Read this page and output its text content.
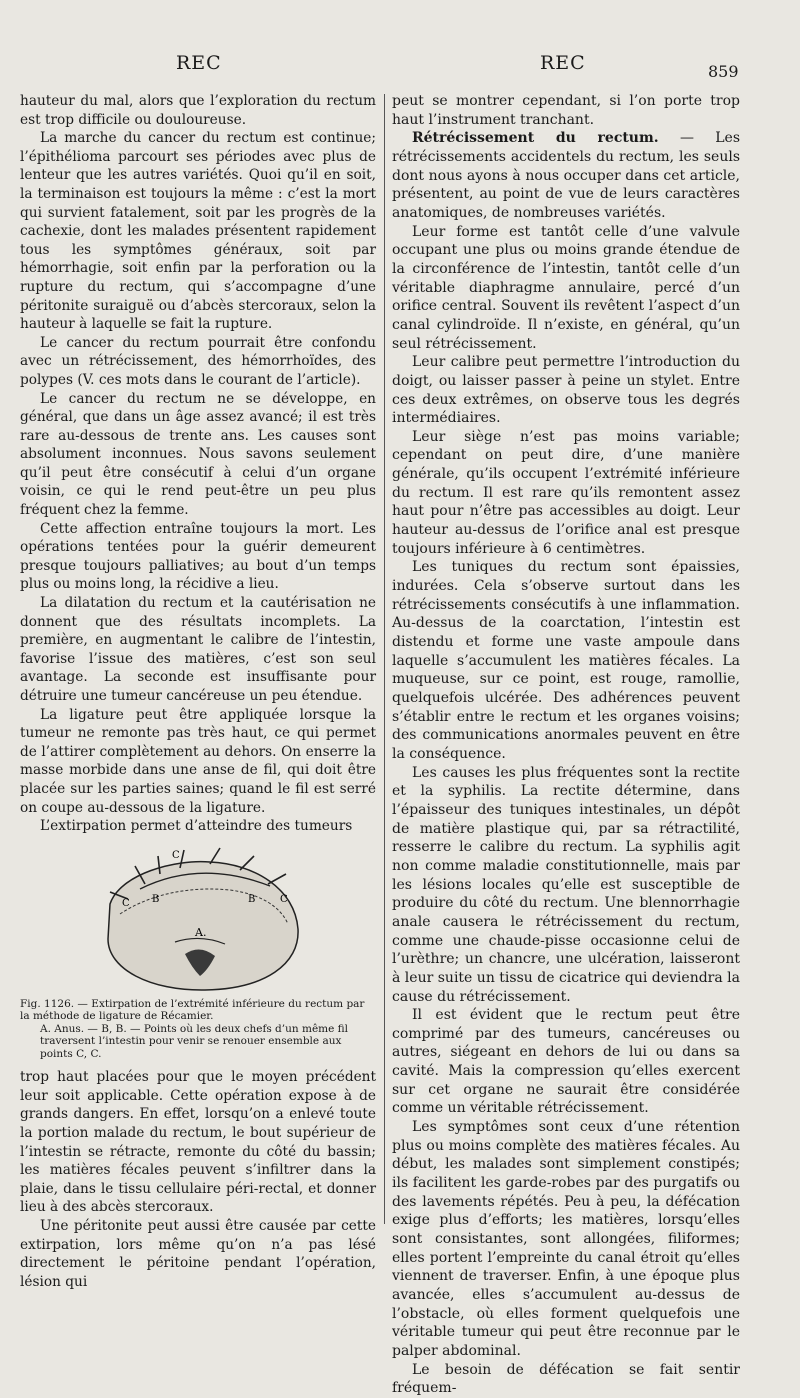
REC	REC	859

hauteur du mal, alors que l’exploration du rectum est trop difficile ou douloureuse.

La marche du cancer du rectum est continue; l’épithélioma parcourt ses périodes avec plus de lenteur que les autres variétés. Quoi qu’il en soit, la terminaison est toujours la même : c’est la mort qui survient fatalement, soit par les progrès de la cachexie, dont les malades présentent rapidement tous les symptômes généraux, soit par hémorrhagie, soit enfin par la perforation ou la rupture du rectum, qui s’accompagne d’une péritonite suraiguë ou d’abcès stercoraux, selon la hauteur à laquelle se fait la rupture.

Le cancer du rectum pourrait être confondu avec un rétrécissement, des hémorrhoïdes, des polypes (V. ces mots dans le courant de l’article).

Le cancer du rectum ne se développe, en général, que dans un âge assez avancé; il est très rare au-dessous de trente ans. Les causes sont absolument inconnues. Nous savons seulement qu’il peut être consécutif à celui d’un organe voisin, ce qui le rend peut-être un peu plus fréquent chez la femme.

Cette affection entraîne toujours la mort. Les opérations tentées pour la guérir demeurent presque toujours palliatives; au bout d’un temps plus ou moins long, la récidive a lieu.

La dilatation du rectum et la cautérisation ne donnent que des résultats incomplets. La première, en augmentant le calibre de l’intestin, favorise l’issue des matières, c’est son seul avantage. La seconde est insuffisante pour détruire une tumeur cancéreuse un peu étendue.

La ligature peut être appliquée lorsque la tumeur ne remonte pas très haut, ce qui permet de l’attirer complètement au dehors. On enserre la masse morbide dans une anse de fil, qui doit être placée sur les parties saines; quand le fil est serré on coupe au-dessous de la ligature.

L’extirpation permet d’atteindre des tumeurs

A.
B	B
C
C
C
Fig. 1126. — Extirpation de l’extrémité inférieure du rectum par la méthode de ligature de Récamier.
A. Anus. — B, B. — Points où les deux chefs d’un même fil traversent l’intestin pour venir se renouer ensemble aux points C, C.

trop haut placées pour que le moyen précédent leur soit applicable. Cette opération expose à de grands dangers. En effet, lorsqu’on a enlevé toute la portion malade du rectum, le bout supérieur de l’intestin se rétracte, remonte du côté du bassin; les matières fécales peuvent s’infiltrer dans la plaie, dans le tissu cellulaire péri-rectal, et donner lieu à des abcès stercoraux.

Une péritonite peut aussi être causée par cette extirpation, lors même qu’on n’a pas lésé directement le péritoine pendant l’opération, lésion qui

peut se montrer cependant, si l’on porte trop haut l’instrument tranchant.

Rétrécissement du rectum. — Les rétrécissements accidentels du rectum, les seuls dont nous ayons à nous occuper dans cet article, présentent, au point de vue de leurs caractères anatomiques, de nombreuses variétés.

Leur forme est tantôt celle d’une valvule occupant une plus ou moins grande étendue de la circonférence de l’intestin, tantôt celle d’un véritable diaphragme annulaire, percé d’un orifice central. Souvent ils revêtent l’aspect d’un canal cylindroïde. Il n’existe, en général, qu’un seul rétrécissement.

Leur calibre peut permettre l’introduction du doigt, ou laisser passer à peine un stylet. Entre ces deux extrêmes, on observe tous les degrés intermédiaires.

Leur siège n’est pas moins variable; cependant on peut dire, d’une manière générale, qu’ils occupent l’extrémité inférieure du rectum. Il est rare qu’ils remontent assez haut pour n’être pas accessibles au doigt. Leur hauteur au-dessus de l’orifice anal est presque toujours inférieure à 6 centimètres.

Les tuniques du rectum sont épaissies, indurées. Cela s’observe surtout dans les rétrécissements consécutifs à une inflammation. Au-dessus de la coarctation, l’intestin est distendu et forme une vaste ampoule dans laquelle s’accumulent les matières fécales. La muqueuse, sur ce point, est rouge, ramollie, quelquefois ulcérée. Des adhérences peuvent s’établir entre le rectum et les organes voisins; des communications anormales peuvent en être la conséquence.

Les causes les plus fréquentes sont la rectite et la syphilis. La rectite détermine, dans l’épaisseur des tuniques intestinales, un dépôt de matière plastique qui, par sa rétractilité, resserre le calibre du rectum. La syphilis agit non comme maladie constitutionnelle, mais par les lésions locales qu’elle est susceptible de produire du côté du rectum. Une blennorrhagie anale causera le rétrécissement du rectum, comme une chaude-pisse occasionne celui de l’urèthre; un chancre, une ulcération, laisseront à leur suite un tissu de cicatrice qui deviendra la cause du rétrécissement.

Il est évident que le rectum peut être comprimé par des tumeurs, cancéreuses ou autres, siégeant en dehors de lui ou dans sa cavité. Mais la compression qu’elles exercent sur cet organe ne saurait être considérée comme un véritable rétrécissement.

Les symptômes sont ceux d’une rétention plus ou moins complète des matières fécales. Au début, les malades sont simplement constipés; ils facilitent les garde-robes par des purgatifs ou des lavements répétés. Peu à peu, la défécation exige plus d’efforts; les matières, lorsqu’elles sont consistantes, sont allongées, filiformes; elles portent l’empreinte du canal étroit qu’elles viennent de traverser. Enfin, à une époque plus avancée, elles s’accumulent au-dessus de l’obstacle, où elles forment quelquefois une véritable tumeur qui peut être reconnue par le palper abdominal.

Le besoin de défécation se fait sentir fréquem-
